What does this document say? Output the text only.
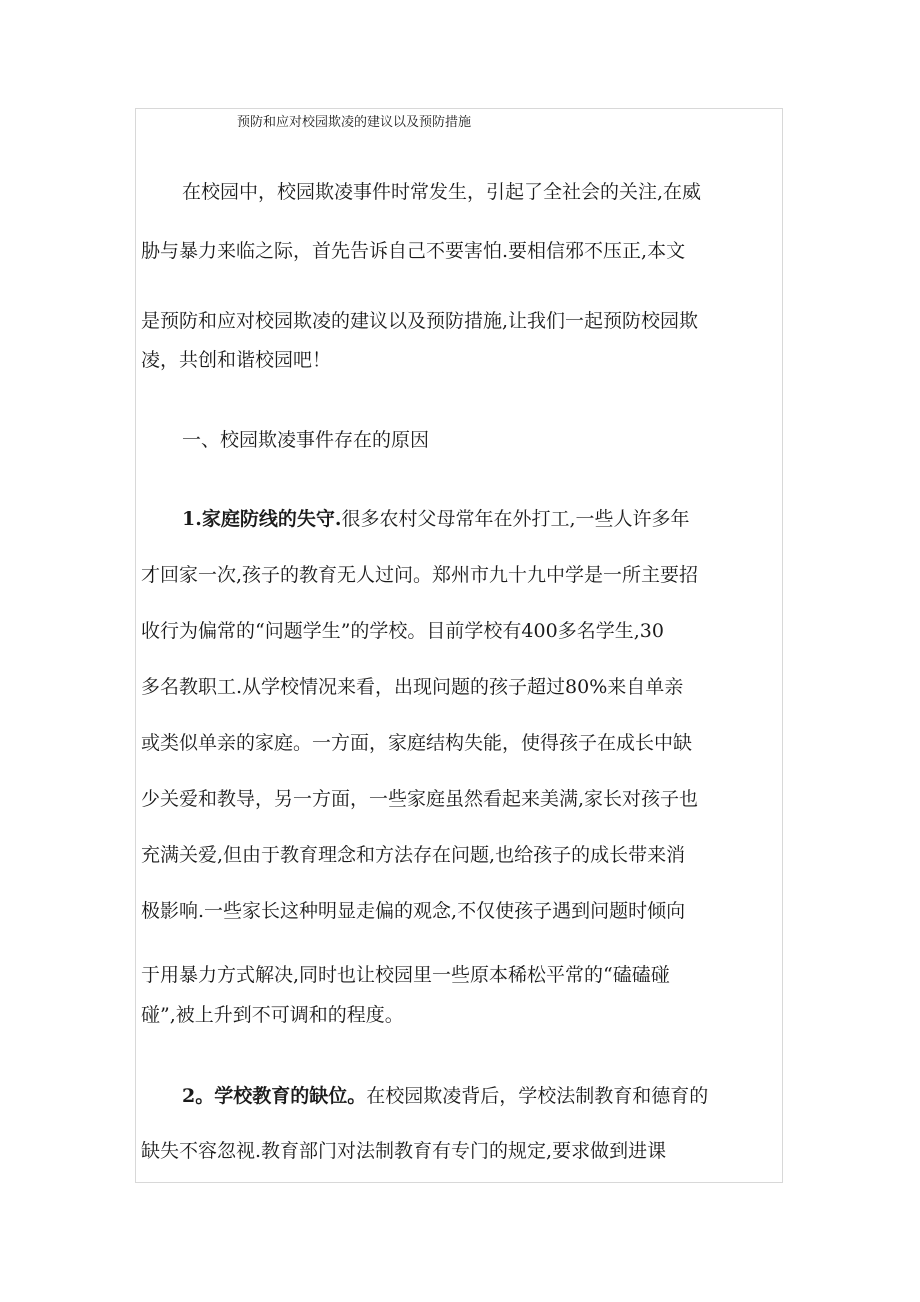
预防和应对校园欺凌的建议以及预防措施
在校园中，校园欺凌事件时常发生，引起了全社会的关注,在威
胁与暴力来临之际，首先告诉自己不要害怕.要相信邪不压正,本文
是预防和应对校园欺凌的建议以及预防措施,让我们一起预防校园欺
凌，共创和谐校园吧！
一、校园欺凌事件存在的原因
1.家庭防线的失守.很多农村父母常年在外打工,一些人许多年
才回家一次,孩子的教育无人过问。郑州市九十九中学是一所主要招
收行为偏常的“问题学生”的学校。目前学校有400多名学生,30
多名教职工.从学校情况来看，出现问题的孩子超过80%来自单亲
或类似单亲的家庭。一方面，家庭结构失能，使得孩子在成长中缺
少关爱和教导，另一方面，一些家庭虽然看起来美满,家长对孩子也
充满关爱,但由于教育理念和方法存在问题,也给孩子的成长带来消
极影响.一些家长这种明显走偏的观念,不仅使孩子遇到问题时倾向
于用暴力方式解决,同时也让校园里一些原本稀松平常的“磕磕碰
碰”,被上升到不可调和的程度。
2。学校教育的缺位。在校园欺凌背后，学校法制教育和德育的
缺失不容忽视.教育部门对法制教育有专门的规定,要求做到进课
